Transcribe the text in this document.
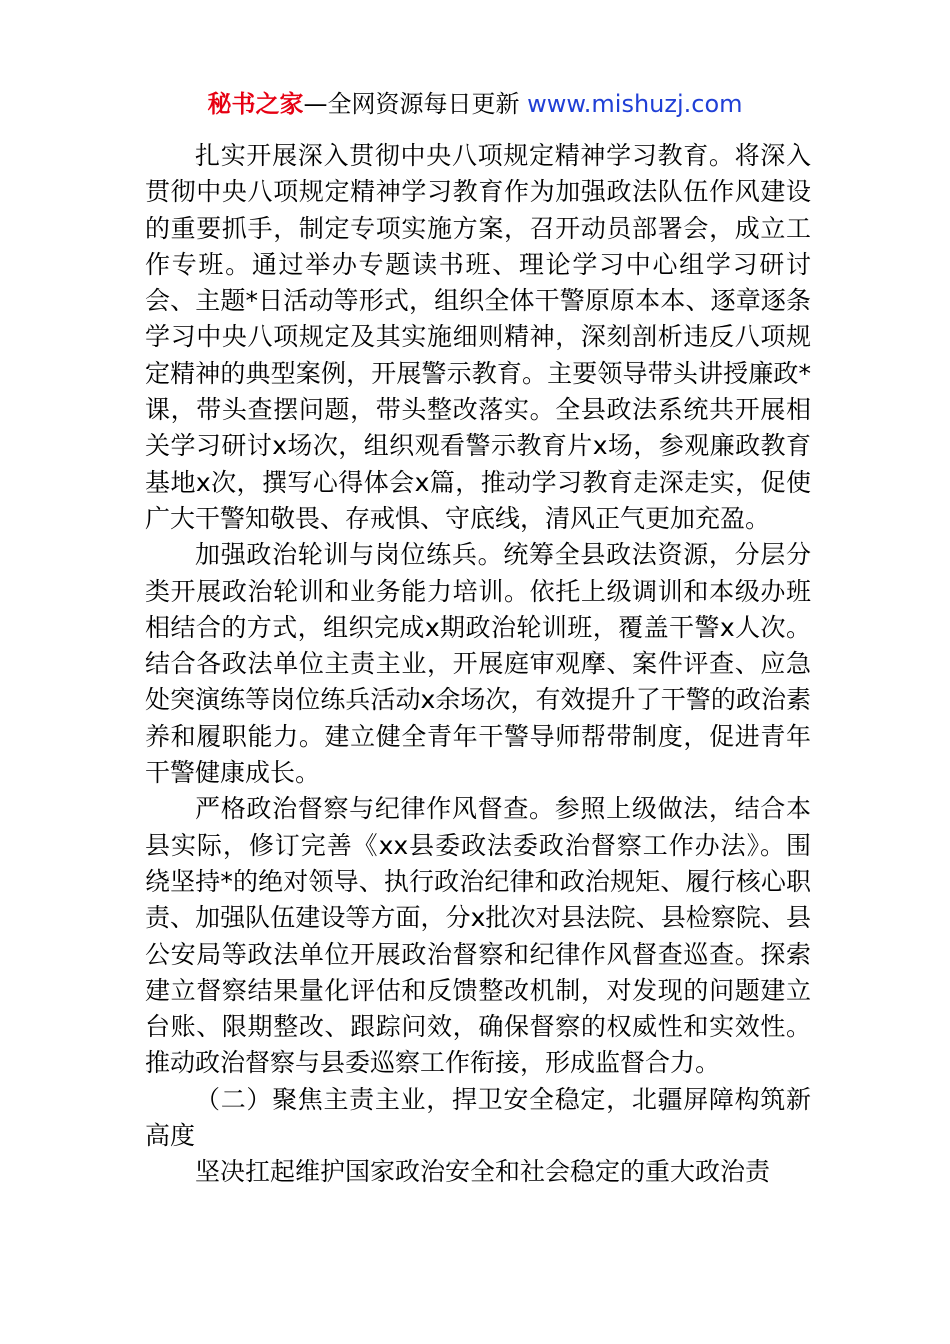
秘书之家—全网资源每日更新 www.mishuzj.com

扎实开展深入贯彻中央八项规定精神学习教育。将深入贯彻中央八项规定精神学习教育作为加强政法队伍作风建设的重要抓手，制定专项实施方案，召开动员部署会，成立工作专班。通过举办专题读书班、理论学习中心组学习研讨会、主题*日活动等形式，组织全体干警原原本本、逐章逐条学习中央八项规定及其实施细则精神，深刻剖析违反八项规定精神的典型案例，开展警示教育。主要领导带头讲授廉政*课，带头查摆问题，带头整改落实。全县政法系统共开展相关学习研讨x场次，组织观看警示教育片x场，参观廉政教育基地x次，撰写心得体会x篇，推动学习教育走深走实，促使广大干警知敬畏、存戒惧、守底线，清风正气更加充盈。

加强政治轮训与岗位练兵。统筹全县政法资源，分层分类开展政治轮训和业务能力培训。依托上级调训和本级办班相结合的方式，组织完成x期政治轮训班，覆盖干警x人次。结合各政法单位主责主业，开展庭审观摩、案件评查、应急处突演练等岗位练兵活动x余场次，有效提升了干警的政治素养和履职能力。建立健全青年干警导师帮带制度，促进青年干警健康成长。

严格政治督察与纪律作风督查。参照上级做法，结合本县实际，修订完善《xx县委政法委政治督察工作办法》。围绕坚持*的绝对领导、执行政治纪律和政治规矩、履行核心职责、加强队伍建设等方面，分x批次对县法院、县检察院、县公安局等政法单位开展政治督察和纪律作风督查巡查。探索建立督察结果量化评估和反馈整改机制，对发现的问题建立台账、限期整改、跟踪问效，确保督察的权威性和实效性。推动政治督察与县委巡察工作衔接，形成监督合力。

（二）聚焦主责主业，捍卫安全稳定，北疆屏障构筑新高度

坚决扛起维护国家政治安全和社会稳定的重大政治责
